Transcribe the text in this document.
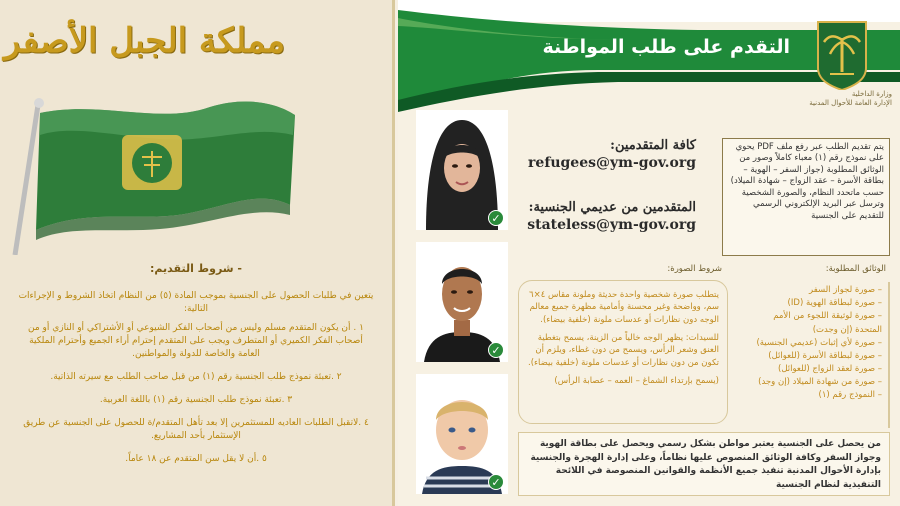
مملكة الجبل الأصفر
- شروط التقديم:
يتعين في طلبات الحصول على الجنسية بموجب المادة (٥) من النظام اتخاذ الشروط و الإجراءات التالية:
١ . أن يكون المتقدم مسلم وليس من أصحاب الفكر الشيوعي أو الأشتراكي أو النازي أو من أصحاب الفكر الكميري أو المتطرف ويجب على المتقدم إحترام أراء الجميع وأحترام الملكية العامة والخاصة للدولة والمواطنين.
٢ .تعبئة نموذج طلب الجنسية رقم (١) من قبل صاحب الطلب مع سيرته الذاتية.
٣ .تعبئة نموذج طلب الجنسية رقم (١) باللغة العربية.
٤ .لاتقبل الطلبات العاديه للمستثمرين إلا بعد تأهل المتقدم/ة للحصول على الجنسية عن طريق الإستثمار بأحد المشاريع.
٥ .أن لا يقل سن المتقدم عن ١٨ عاماً.
التقدم على طلب المواطنة
وزارة الداخلية
الإدارة العامة للأحوال المدنية
✓
✓
✓
كافة المتقدمين:
refugees@ym-gov.org
المتقدمين من عديمي الجنسية:
stateless@ym-gov.org
يتم تقديم الطلب عبر رفع ملف PDF يحوي على نموذج رقم (١) معباء كاملاً وصور من الوثائق المطلوبة (جواز السفر – الهوية – بطاقة الأسرة – عقد الزواج – شهادة الميلاد) حسب ماتحدد النظام، والصورة الشخصية وترسل عبر البريد الإلكتروني الرسمي للتقديم على الجنسية
شروط الصورة:

يتطلب صورة شخصية واحدة حديثة وملونة مقاس ٤×٦ سم، وواضحة وغير محسنة وأمامية مظهرة جميع معالم الوجه دون نظارات أو عدسات ملونة (خلفية بيضاء).

للسيدات: يظهر الوجه خالياً من الزينة، يسمح بتغطية العنق وشعر الرأس، ويسمح من دون غطاء، ويلزم أن تكون من دون نظارات أو عدسات ملونة (خلفية بيضاء).

(يسمح بإرتداء الشماغ – العمه – عصابة الرأس)

الوثائق المطلوبة:
– صورة لجواز السفر
– صورة لبطاقة الهوية (ID)
– صورة لوثيقة اللجوء من الأمم المتحدة (إن وجدت)
– صورة لأي إثبات (عديمي الجنسية)
– صورة لبطاقة الأسرة (للعوائل)
– صورة لعقد الزواج (للعوائل)
– صورة من شهادة الميلاد (إن وجد)
– النموذج رقم (١)
من يحصل على الجنسية يعتبر مواطن بشكل رسمي ويحصل على بطاقة الهوية وجواز السفر وكافة الوثائق المنصوص عليها نظاماً، وعلى إدارة الهجرة والجنسية بإدارة الأحوال المدنية تنفيذ جميع الأنظمة والقوانين المنصوصة في اللائحة التنفيذية لنظام الجنسية
